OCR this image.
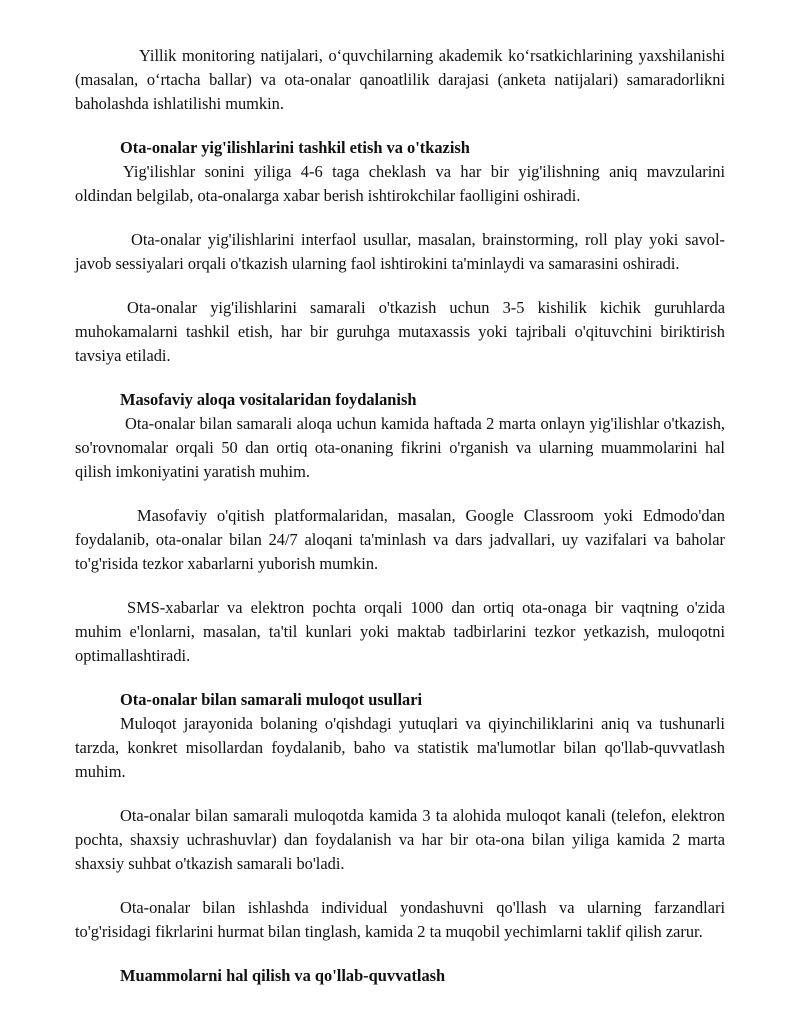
Yillik monitoring natijalari, o‘quvchilarning akademik ko‘rsatkichlarining yaxshilanishi (masalan, o‘rtacha ballar) va ota-onalar qanoatlilik darajasi (anketa natijalari) samaradorlikni baholashda ishlatilishi mumkin.

Ota-onalar yig'ilishlarini tashkil etish va o'tkazish

Yig'ilishlar sonini yiliga 4-6 taga cheklash va har bir yig'ilishning aniq mavzularini oldindan belgilab, ota-onalarga xabar berish ishtirokchilar faolligini oshiradi.

Ota-onalar yig'ilishlarini interfaol usullar, masalan, brainstorming, roll play yoki savol-javob sessiyalari orqali o'tkazish ularning faol ishtirokini ta'minlaydi va samarasini oshiradi.

Ota-onalar yig'ilishlarini samarali o'tkazish uchun 3-5 kishilik kichik guruhlarda muhokamalarni tashkil etish, har bir guruhga mutaxassis yoki tajribali o'qituvchini biriktirish tavsiya etiladi.

Masofaviy aloqa vositalaridan foydalanish

Ota-onalar bilan samarali aloqa uchun kamida haftada 2 marta onlayn yig'ilishlar o'tkazish, so'rovnomalar orqali 50 dan ortiq ota-onaning fikrini o'rganish va ularning muammolarini hal qilish imkoniyatini yaratish muhim.

Masofaviy o'qitish platformalaridan, masalan, Google Classroom yoki Edmodo'dan foydalanib, ota-onalar bilan 24/7 aloqani ta'minlash va dars jadvallari, uy vazifalari va baholar to'g'risida tezkor xabarlarni yuborish mumkin.

SMS-xabarlar va elektron pochta orqali 1000 dan ortiq ota-onaga bir vaqtning o'zida muhim e'lonlarni, masalan, ta'til kunlari yoki maktab tadbirlarini tezkor yetkazish, muloqotni optimallashtiradi.

Ota-onalar bilan samarali muloqot usullari

Muloqot jarayonida bolaning o'qishdagi yutuqlari va qiyinchiliklarini aniq va tushunarli tarzda, konkret misollardan foydalanib, baho va statistik ma'lumotlar bilan qo'llab-quvvatlash muhim.

Ota-onalar bilan samarali muloqotda kamida 3 ta alohida muloqot kanali (telefon, elektron pochta, shaxsiy uchrashuvlar) dan foydalanish va har bir ota-ona bilan yiliga kamida 2 marta shaxsiy suhbat o'tkazish samarali bo'ladi.

Ota-onalar bilan ishlashda individual yondashuvni qo'llash va ularning farzandlari to'g'risidagi fikrlarini hurmat bilan tinglash, kamida 2 ta muqobil yechimlarni taklif qilish zarur.

Muammolarni hal qilish va qo'llab-quvvatlash
